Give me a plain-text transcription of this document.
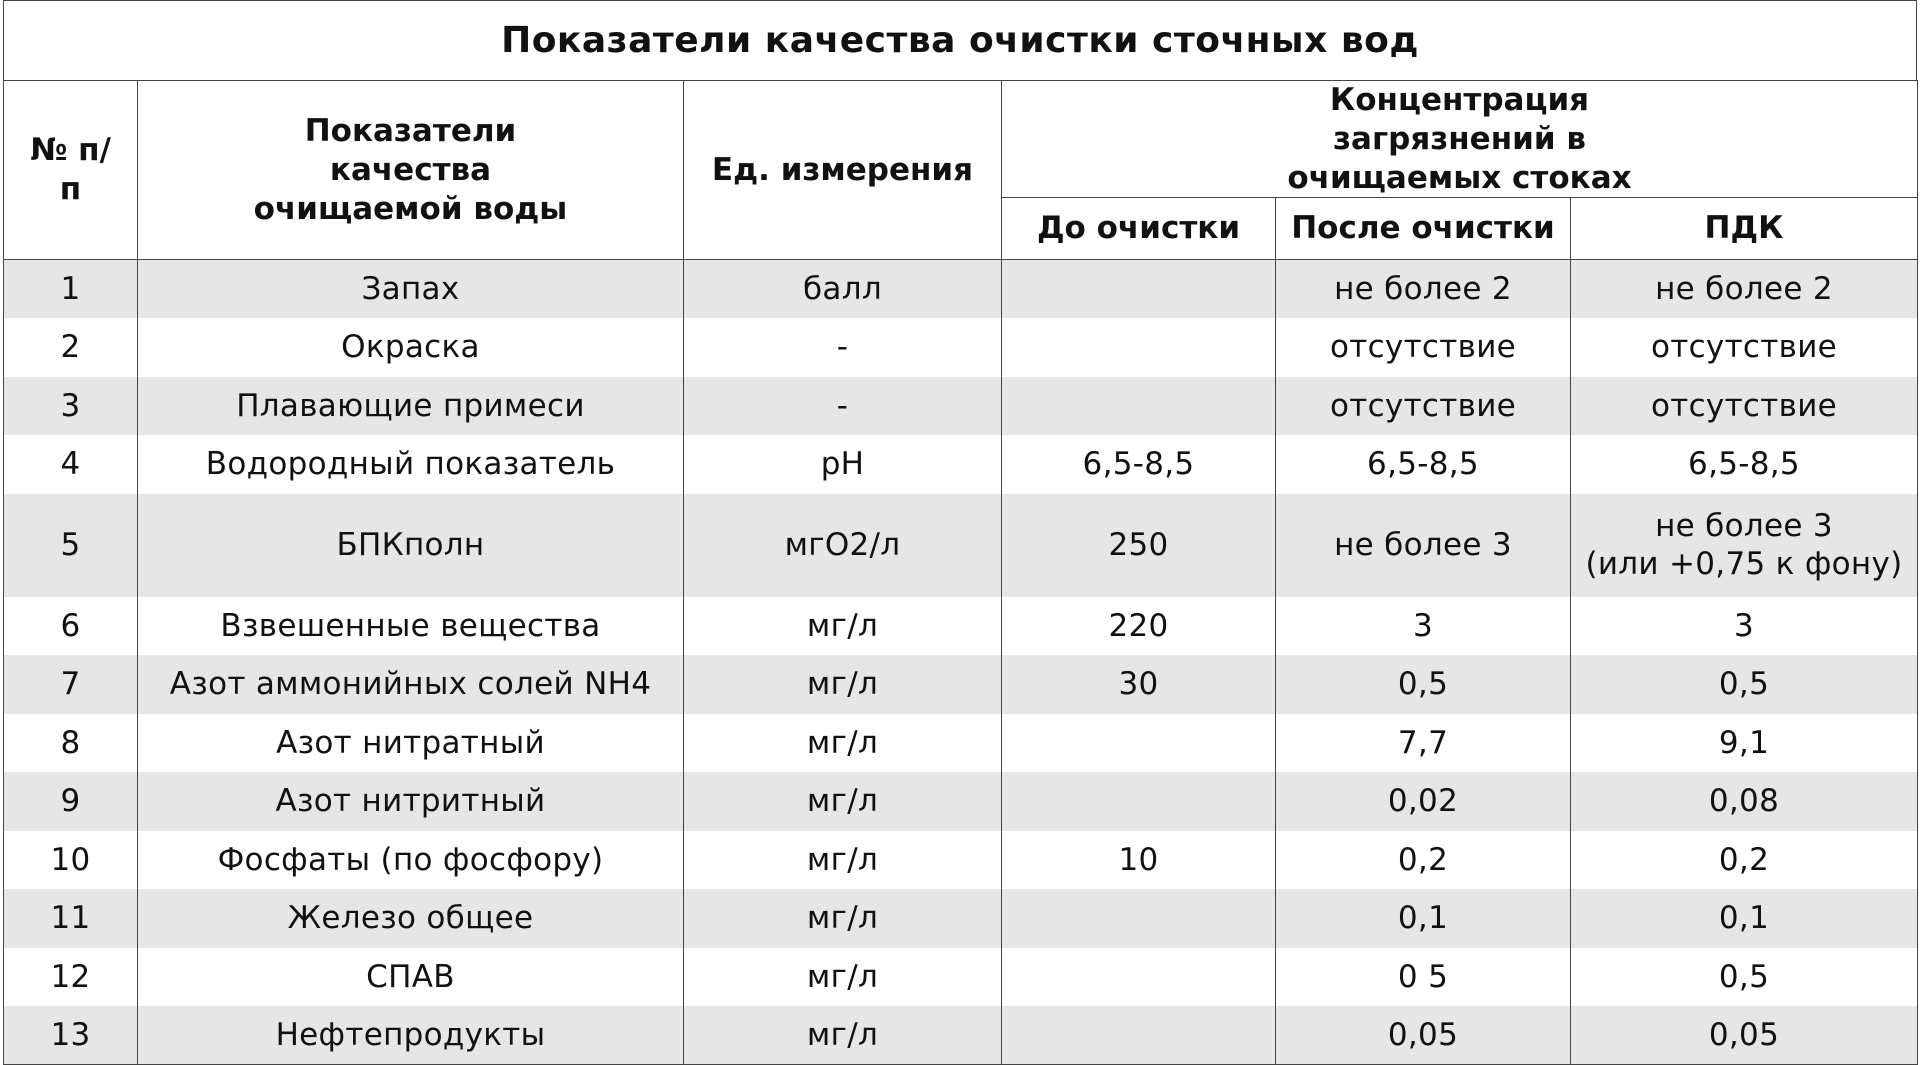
Показатели качества очистки сточных вод
№ п/п	Показатели качества очищаемой воды	Ед. измерения	Концентрация загрязнений в очищаемых стоках		
			До очистки	После очистки	ПДК
1	Запах	балл		не более 2	не более 2
2	Окраска	-		отсутствие	отсутствие
3	Плавающие примеси	-		отсутствие	отсутствие
4	Водородный показатель	pH	6,5-8,5	6,5-8,5	6,5-8,5
5	БПКполн	мгО2/л	250	не более 3	не более 3
(или +0,75 к фону)

6	Взвешенные вещества	мг/л	220	3	3
7	Азот аммонийных солей NH4	мг/л	30	0,5	0,5
8	Азот нитратный	мг/л		7,7	9,1
9	Азот нитритный	мг/л		0,02	0,08
10	Фосфаты (по фосфору)	мг/л	10	0,2	0,2
11	Железо общее	мг/л		0,1	0,1
12	СПАВ	мг/л		0 5	0,5
13	Нефтепродукты	мг/л		0,05	0,05
